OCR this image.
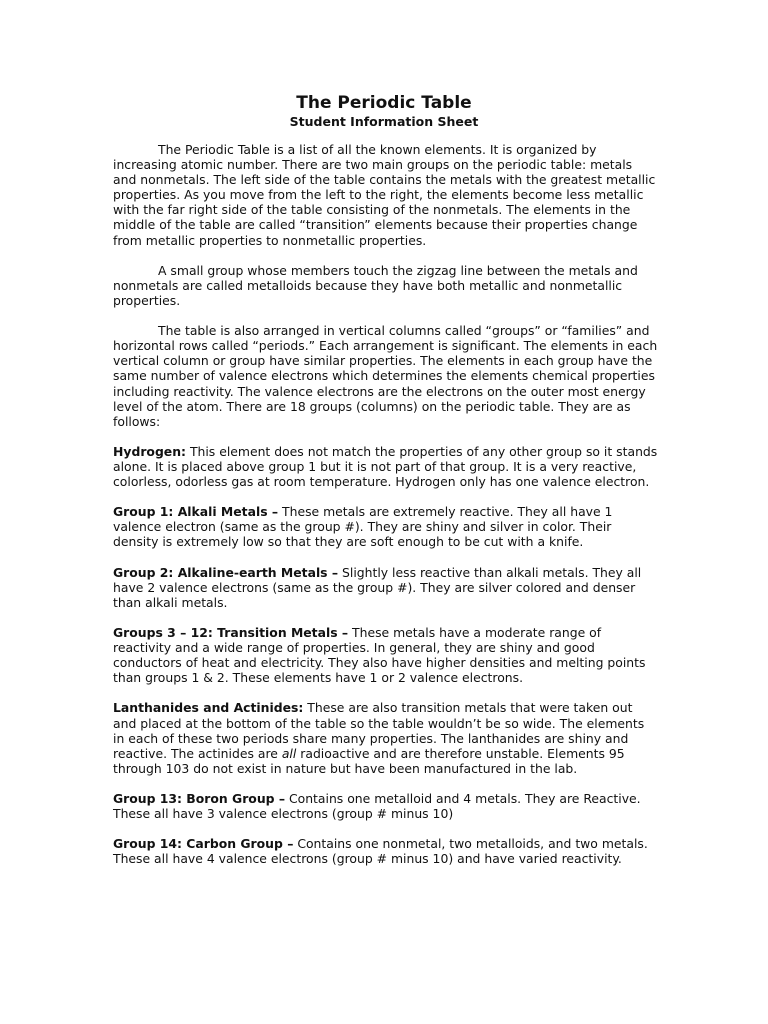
The Periodic Table
Student Information Sheet

The Periodic Table is a list of all the known elements. It is organized by increasing atomic number. There are two main groups on the periodic table: metals and nonmetals. The left side of the table contains the metals with the greatest metallic properties. As you move from the left to the right, the elements become less metallic with the far right side of the table consisting of the nonmetals. The elements in the middle of the table are called “transition” elements because their properties change from metallic properties to nonmetallic properties.

A small group whose members touch the zigzag line between the metals and nonmetals are called metalloids because they have both metallic and nonmetallic properties.

The table is also arranged in vertical columns called “groups” or “families” and horizontal rows called “periods.” Each arrangement is significant. The elements in each vertical column or group have similar properties. The elements in each group have the same number of valence electrons which determines the elements chemical properties including reactivity. The valence electrons are the electrons on the outer most energy level of the atom. There are 18 groups (columns) on the periodic table. They are as follows:

Hydrogen: This element does not match the properties of any other group so it stands alone. It is placed above group 1 but it is not part of that group. It is a very reactive, colorless, odorless gas at room temperature. Hydrogen only has one valence electron.

Group 1: Alkali Metals – These metals are extremely reactive. They all have 1 valence electron (same as the group #). They are shiny and silver in color. Their density is extremely low so that they are soft enough to be cut with a knife.

Group 2: Alkaline-earth Metals – Slightly less reactive than alkali metals. They all have 2 valence electrons (same as the group #). They are silver colored and denser than alkali metals.

Groups 3 – 12: Transition Metals – These metals have a moderate range of reactivity and a wide range of properties. In general, they are shiny and good conductors of heat and electricity. They also have higher densities and melting points than groups 1 & 2. These elements have 1 or 2 valence electrons.

Lanthanides and Actinides: These are also transition metals that were taken out and placed at the bottom of the table so the table wouldn’t be so wide. The elements in each of these two periods share many properties. The lanthanides are shiny and reactive. The actinides are all radioactive and are therefore unstable. Elements 95 through 103 do not exist in nature but have been manufactured in the lab.

Group 13: Boron Group – Contains one metalloid and 4 metals. They are Reactive. These all have 3 valence electrons (group # minus 10)

Group 14: Carbon Group – Contains one nonmetal, two metalloids, and two metals. These all have 4 valence electrons (group # minus 10) and have varied reactivity.
